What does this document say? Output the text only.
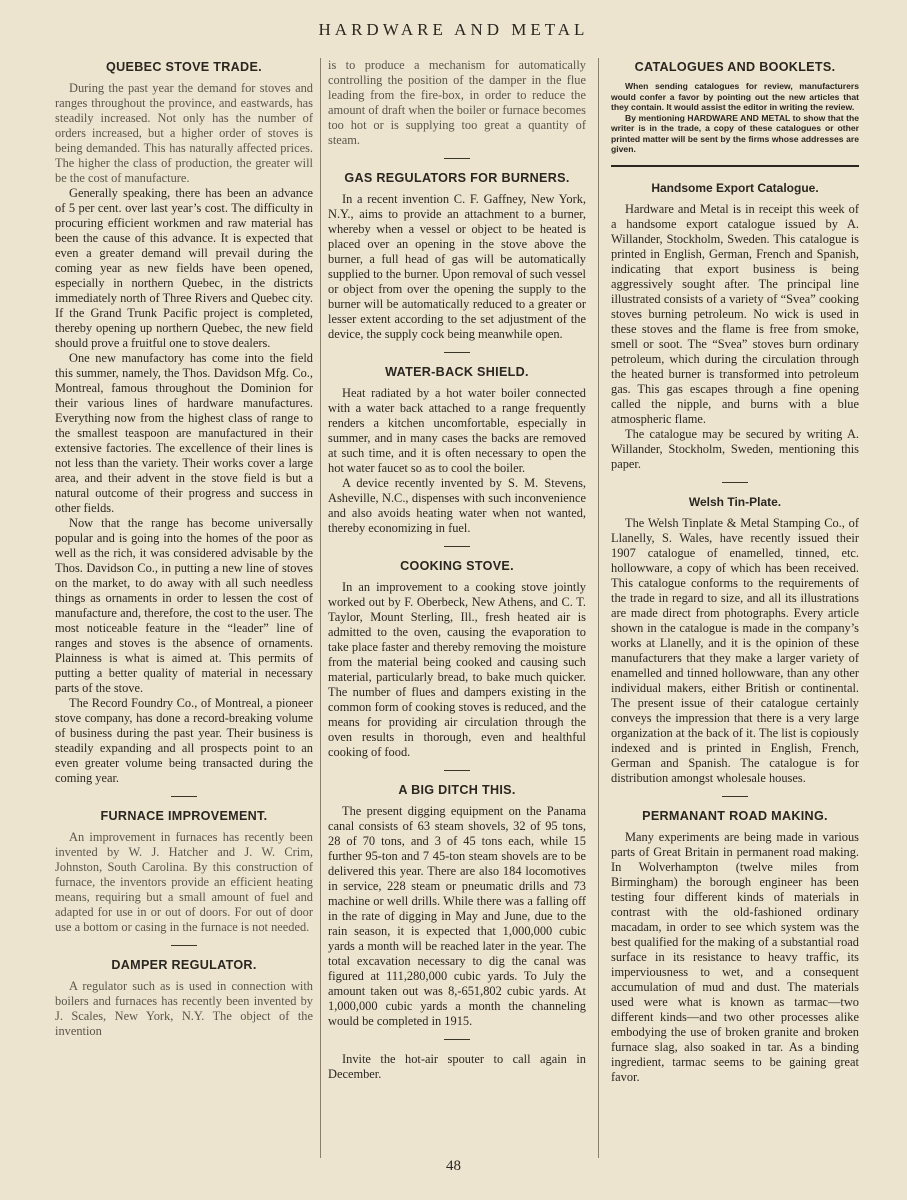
HARDWARE AND METAL
QUEBEC STOVE TRADE.

During the past year the demand for stoves and ranges throughout the province, and eastwards, has steadily increased. Not only has the number of orders increased, but a higher order of stoves is being demanded. This has naturally affected prices. The higher the class of production, the greater will be the cost of manufacture.

Generally speaking, there has been an advance of 5 per cent. over last year’s cost. The difficulty in procuring efficient workmen and raw material has been the cause of this advance. It is expected that even a greater demand will prevail during the coming year as new fields have been opened, especially in northern Quebec, in the districts immediately north of Three Rivers and Quebec city. If the Grand Trunk Pacific project is completed, thereby opening up northern Quebec, the new field should prove a fruitful one to stove dealers.

One new manufactory has come into the field this summer, namely, the Thos. Davidson Mfg. Co., Montreal, famous throughout the Dominion for their various lines of hardware manufactures. Everything now from the highest class of range to the smallest teaspoon are manufactured in their extensive factories. The excellence of their lines is not less than the variety. Their works cover a large area, and their advent in the stove field is but a natural outcome of their progress and success in other fields.

Now that the range has become universally popular and is going into the homes of the poor as well as the rich, it was considered advisable by the Thos. Davidson Co., in putting a new line of stoves on the market, to do away with all such needless things as ornaments in order to lessen the cost of manufacture and, therefore, the cost to the user. The most noticeable feature in the “leader” line of ranges and stoves is the absence of ornaments. Plainness is what is aimed at. This permits of putting a better quality of material in necessary parts of the stove.

The Record Foundry Co., of Montreal, a pioneer stove company, has done a record-breaking volume of business during the past year. Their business is steadily expanding and all prospects point to an even greater volume being transacted during the coming year.

FURNACE IMPROVEMENT.

An improvement in furnaces has recently been invented by W. J. Hatcher and J. W. Crim, Johnston, South Carolina. By this construction of furnace, the inventors provide an efficient heating means, requiring but a small amount of fuel and adapted for use in or out of doors. For out of door use a bottom or casing in the furnace is not needed.

DAMPER REGULATOR.

A regulator such as is used in connection with boilers and furnaces has recently been invented by J. Scales, New York, N.Y. The object of the invention

is to produce a mechanism for automatically controlling the position of the damper in the flue leading from the fire-box, in order to reduce the amount of draft when the boiler or furnace becomes too hot or is supplying too great a quantity of steam.

GAS REGULATORS FOR BURNERS.

In a recent invention C. F. Gaffney, New York, N.Y., aims to provide an attachment to a burner, whereby when a vessel or object to be heated is placed over an opening in the stove above the burner, a full head of gas will be automatically supplied to the burner. Upon removal of such vessel or object from over the opening the supply to the burner will be automatically reduced to a greater or lesser extent according to the set adjustment of the device, the supply cock being meanwhile open.

WATER-BACK SHIELD.

Heat radiated by a hot water boiler connected with a water back attached to a range frequently renders a kitchen uncomfortable, especially in summer, and in many cases the backs are removed at such time, and it is often necessary to open the hot water faucet so as to cool the boiler.

A device recently invented by S. M. Stevens, Asheville, N.C., dispenses with such inconvenience and also avoids heating water when not wanted, thereby economizing in fuel.

COOKING STOVE.

In an improvement to a cooking stove jointly worked out by F. Oberbeck, New Athens, and C. T. Taylor, Mount Sterling, Ill., fresh heated air is admitted to the oven, causing the evaporation to take place faster and thereby removing the moisture from the material being cooked and causing such material, particularly bread, to bake much quicker. The number of flues and dampers existing in the common form of cooking stoves is reduced, and the means for providing air circulation through the oven results in thorough, even and healthful cooking of food.

A BIG DITCH THIS.

The present digging equipment on the Panama canal consists of 63 steam shovels, 32 of 95 tons, 28 of 70 tons, and 3 of 45 tons each, while 15 further 95-ton and 7 45-ton steam shovels are to be delivered this year. There are also 184 locomotives in service, 228 steam or pneumatic drills and 73 machine or well drills. While there was a falling off in the rate of digging in May and June, due to the rain season, it is expected that 1,000,000 cubic yards a month will be reached later in the year. The total excavation necessary to dig the canal was figured at 111,280,000 cubic yards. To July the amount taken out was 8,-651,802 cubic yards. At 1,000,000 cubic yards a month the channeling would be completed in 1915.

Invite the hot-air spouter to call again in December.

CATALOGUES AND BOOKLETS.

When sending catalogues for review, manufacturers would confer a favor by pointing out the new articles that they contain. It would assist the editor in writing the review.

By mentioning HARDWARE AND METAL to show that the writer is in the trade, a copy of these catalogues or other printed matter will be sent by the firms whose addresses are given.

Handsome Export Catalogue.

Hardware and Metal is in receipt this week of a handsome export catalogue issued by A. Willander, Stockholm, Sweden. This catalogue is printed in English, German, French and Spanish, indicating that export business is being aggressively sought after. The principal line illustrated consists of a variety of “Svea” cooking stoves burning petroleum. No wick is used in these stoves and the flame is free from smoke, smell or soot. The “Svea” stoves burn ordinary petroleum, which during the circulation through the heated burner is transformed into petroleum gas. This gas escapes through a fine opening called the nipple, and burns with a blue atmospheric flame.

The catalogue may be secured by writing A. Willander, Stockholm, Sweden, mentioning this paper.

Welsh Tin-Plate.

The Welsh Tinplate & Metal Stamping Co., of Llanelly, S. Wales, have recently issued their 1907 catalogue of enamelled, tinned, etc. hollowware, a copy of which has been received. This catalogue conforms to the requirements of the trade in regard to size, and all its illustrations are made direct from photographs. Every article shown in the catalogue is made in the company’s works at Llanelly, and it is the opinion of these manufacturers that they make a larger variety of enamelled and tinned hollowware, than any other individual makers, either British or continental. The present issue of their catalogue certainly conveys the impression that there is a very large organization at the back of it. The list is copiously indexed and is printed in English, French, German and Spanish. The catalogue is for distribution amongst wholesale houses.

PERMANANT ROAD MAKING.

Many experiments are being made in various parts of Great Britain in permanent road making. In Wolverhampton (twelve miles from Birmingham) the borough engineer has been testing four different kinds of materials in contrast with the old-fashioned ordinary macadam, in order to see which system was the best qualified for the making of a substantial road surface in its resistance to heavy traffic, its imperviousness to wet, and a consequent accumulation of mud and dust. The materials used were what is known as tarmac—two different kinds—and two other processes alike embodying the use of broken granite and broken furnace slag, also soaked in tar. As a binding ingredient, tarmac seems to be gaining great favor.

48
